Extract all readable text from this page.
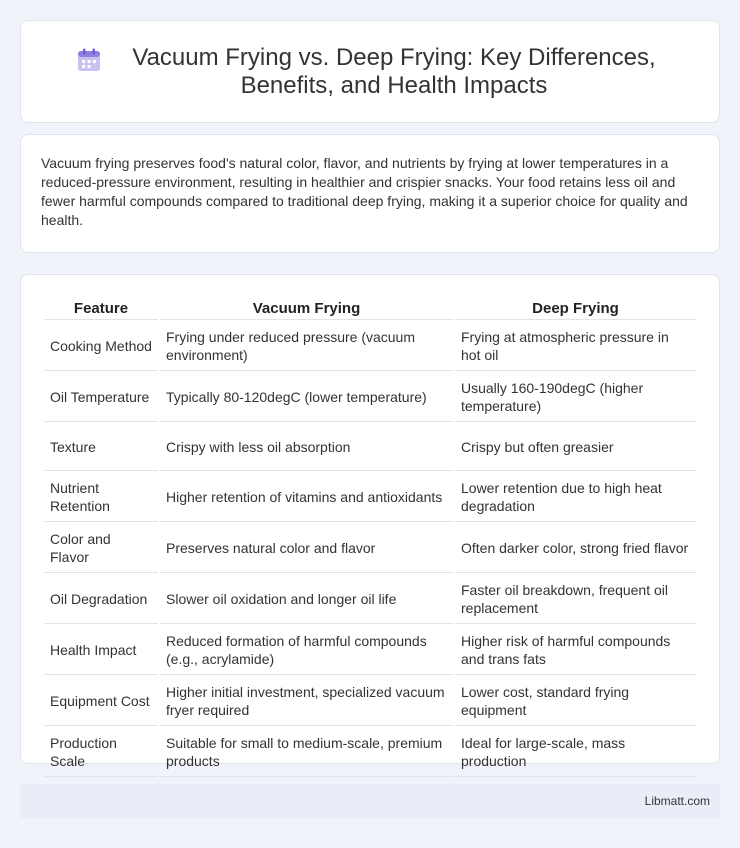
Vacuum Frying vs. Deep Frying: Key Differences, Benefits, and Health Impacts

Vacuum frying preserves food's natural color, flavor, and nutrients by frying at lower temperatures in a reduced-pressure environment, resulting in healthier and crispier snacks. Your food retains less oil and fewer harmful compounds compared to traditional deep frying, making it a superior choice for quality and health.

Feature	Vacuum Frying	Deep Frying
Cooking Method	Frying under reduced pressure (vacuum environment)	Frying at atmospheric pressure in hot oil
Oil Temperature	Typically 80-120degC (lower temperature)	Usually 160-190degC (higher temperature)
Texture	Crispy with less oil absorption	Crispy but often greasier
Nutrient Retention	Higher retention of vitamins and antioxidants	Lower retention due to high heat degradation
Color and Flavor	Preserves natural color and flavor	Often darker color, strong fried flavor
Oil Degradation	Slower oil oxidation and longer oil life	Faster oil breakdown, frequent oil replacement
Health Impact	Reduced formation of harmful compounds (e.g., acrylamide)	Higher risk of harmful compounds and trans fats
Equipment Cost	Higher initial investment, specialized vacuum fryer required	Lower cost, standard frying equipment
Production Scale	Suitable for small to medium-scale, premium products	Ideal for large-scale, mass production
Libmatt.com
